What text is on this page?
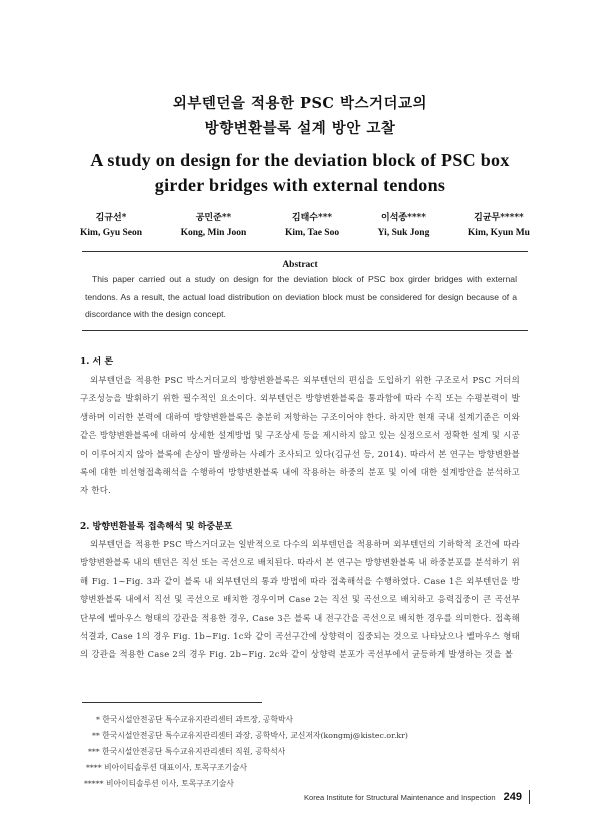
외부텐던을 적용한 PSC 박스거더교의
방향변환블록 설계 방안 고찰
A study on design for the deviation block of PSC box
girder bridges with external tendons
김규선*
Kim, Gyu Seon
공민준**
Kong, Min Joon
김태수***
Kim, Tae Soo
이석종****
Yi, Suk Jong
김균무*****
Kim, Kyun Mu
Abstract

This paper carried out a study on design for the deviation block of PSC box girder bridges with external tendons. As a result, the actual load distribution on deviation block must be considered for design because of a discordance with the design concept.

1. 서 론

외부텐던을 적용한 PSC 박스거더교의 방향변환블록은 외부텐던의 편심을 도입하기 위한 구조로서 PSC 거더의 구조성능을 발휘하기 위한 필수적인 요소이다. 외부텐던은 방향변환블록을 통과함에 따라 수직 또는 수평분력이 발생하며 이러한 분력에 대하여 방향변환블록은 충분히 저항하는 구조이어야 한다. 하지만 현재 국내 설계기준은 이와 같은 방향변환블록에 대하여 상세한 설계방법 및 구조상세 등을 제시하지 않고 있는 실정으로서 정확한 설계 및 시공이 이루어지지 않아 블록에 손상이 발생하는 사례가 조사되고 있다(김규선 등, 2014). 따라서 본 연구는 방향변환블록에 대한 비선형접촉해석을 수행하여 방향변환블록 내에 작용하는 하중의 분포 및 이에 대한 설계방안을 분석하고자 한다.

2. 방향변환블록 접촉해석 및 하중분포

외부텐던을 적용한 PSC 박스거더교는 일반적으로 다수의 외부텐던을 적용하며 외부텐던의 기하학적 조건에 따라 방향변환블록 내의 텐던은 직선 또는 곡선으로 배치된다. 따라서 본 연구는 방향변환블록 내 하중분포를 분석하기 위해 Fig. 1~Fig. 3과 같이 블록 내 외부텐던의 통과 방법에 따라 접촉해석을 수행하였다. Case 1은 외부텐던을 방향변환블록 내에서 직선 및 곡선으로 배치한 경우이며 Case 2는 직선 및 곡선으로 배치하고 응력집중이 큰 곡선부 단부에 벨마우스 형태의 강관을 적용한 경우, Case 3은 블록 내 전구간을 곡선으로 배치한 경우를 의미한다. 접촉해석결과, Case 1의 경우 Fig. 1b~Fig. 1c와 같이 곡선구간에 상향력이 집중되는 것으로 나타났으나 벨마우스 형태의 강관을 적용한 Case 2의 경우 Fig. 2b~Fig. 2c와 같이 상향력 분포가 곡선부에서 균등하게 발생하는 것을 볼

* 한국시설안전공단 특수교유지관리센터 과트장, 공학박사
** 한국시설안전공단 특수교유지관리센터 과장, 공학박사, 교신저자(kongmj@kistec.or.kr)
*** 한국시설안전공단 특수교유지관리센터 직원, 공학석사
**** 비아이티솔루션 대표이사, 토목구조기술사
***** 비아이티솔루션 이사, 토목구조기술사
Korea Institute for Structural Maintenance and Inspection 249
